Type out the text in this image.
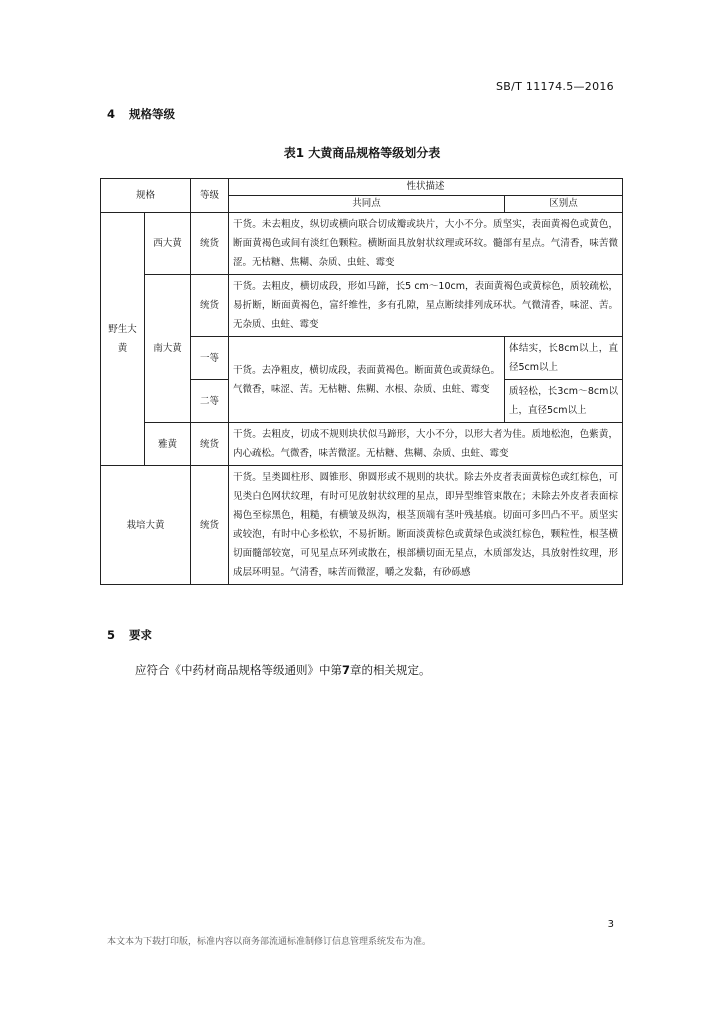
SB/T 11174.5—2016
4 规格等级
表1 大黄商品规格等级划分表
规格		等级	性状描述	
			共同点	区别点
野生大黄	西大黄	统货	干货。未去粗皮，纵切或横向联合切成瓣或块片，大小不分。质坚实，表面黄褐色或黄色，断面黄褐色或间有淡红色颗粒。横断面具放射状纹理或环纹。髓部有星点。气清香，味苦微涩。无枯糖、焦糊、杂质、虫蛀、霉变	
	南大黄	统货	干货。去粗皮，横切成段，形如马蹄，长5 cm～10cm，表面黄褐色或黄棕色，质较疏松，易折断，断面黄褐色，富纤维性，多有孔隙，星点断续排列成环状。气微清香，味涩、苦。无杂质、虫蛀、霉变	
		一等	干货。去净粗皮，横切成段，表面黄褐色。断面黄色或黄绿色。气微香，味涩、苦。无枯糖、焦糊、水根、杂质、虫蛀、霉变	体结实，长8cm以上，直径5cm以上
		二等		质轻松，长3cm～8cm以上，直径5cm以上
	雅黄	统货	干货。去粗皮，切成不规则块状似马蹄形，大小不分，以形大者为佳。质地松泡，色紫黄，内心疏松。气微香，味苦微涩。无枯糖、焦糊、杂质、虫蛀、霉变	
栽培大黄		统货	干货。呈类圆柱形、圆锥形、卵圆形或不规则的块状。除去外皮者表面黄棕色或红棕色，可见类白色网状纹理，有时可见放射状纹理的星点，即异型维管束散在；未除去外皮者表面棕褐色至棕黑色，粗糙，有横皱及纵沟，根茎顶端有茎叶残基痕。切面可多凹凸不平。质坚实或较泡，有时中心多松软，不易折断。断面淡黄棕色或黄绿色或淡红棕色，颗粒性，根茎横切面髓部较宽，可见星点环列或散在，根部横切面无星点，木质部发达，具放射性纹理，形成层环明显。气清香，味苦而微涩，嚼之发黏，有砂砾感	
5 要求
应符合《中药材商品规格等级通则》中第7章的相关规定。
3
本文本为下载打印版，标准内容以商务部流通标准制修订信息管理系统发布为准。
